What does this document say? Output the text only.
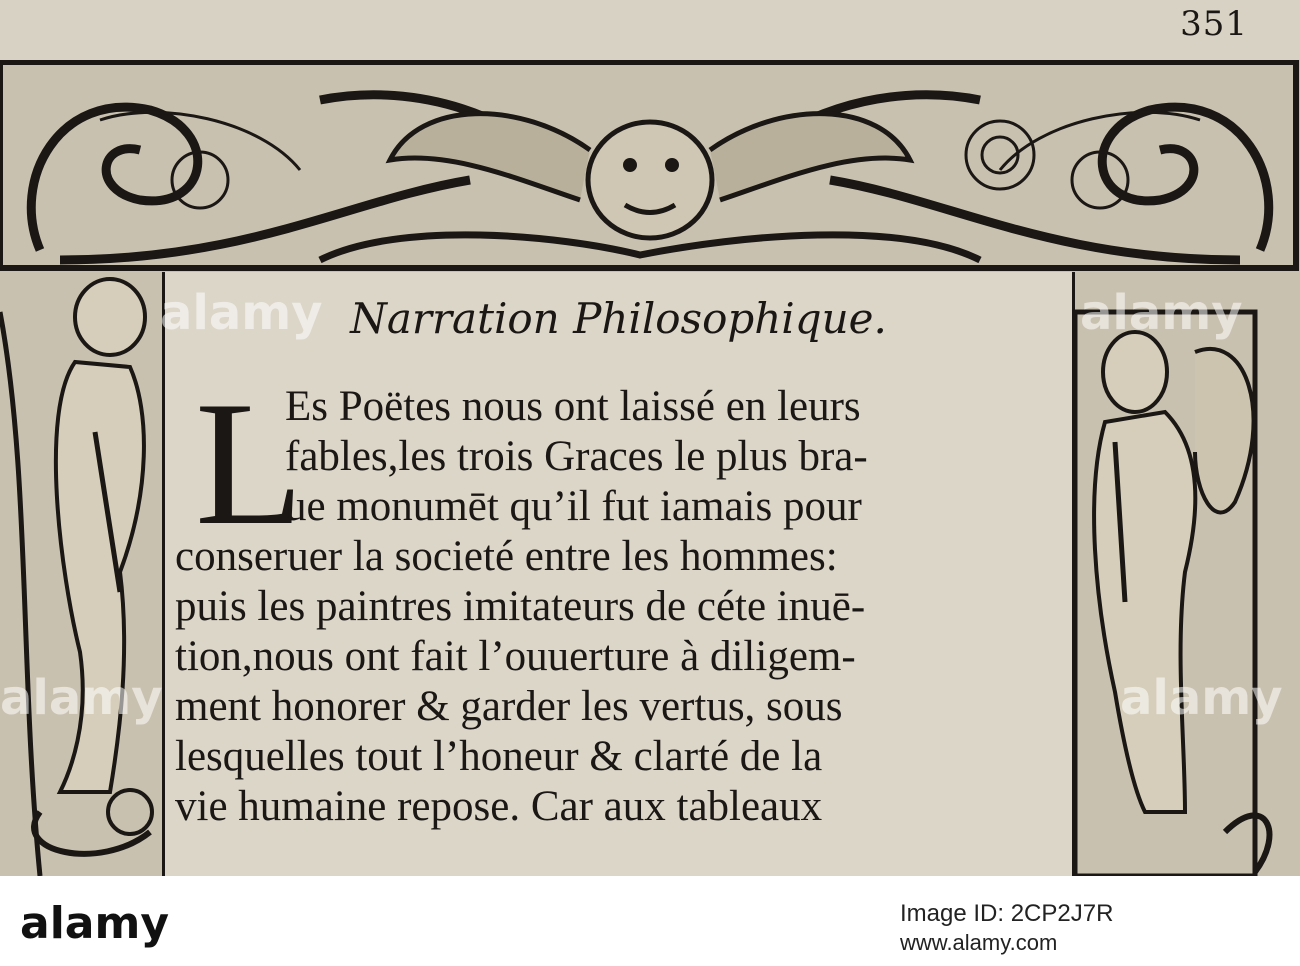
351
Narration Philosophique.
L
Es Poëtes nous ont laissé en leurs
fables,les trois Graces le plus bra-
ue monumēt qu’il fut iamais pour
conseruer la societé entre les hommes:
puis les paintres imitateurs de céte inuē-
tion,nous ont fait l’ouuerture à diligem-
ment honorer & garder les vertus, sous
lesquelles tout l’honeur & clarté de la
vie humaine repose. Car aux tableaux
alamy	alamy
alamy	alamy
alamy	Image ID: 2CP2J7R
www.alamy.com
